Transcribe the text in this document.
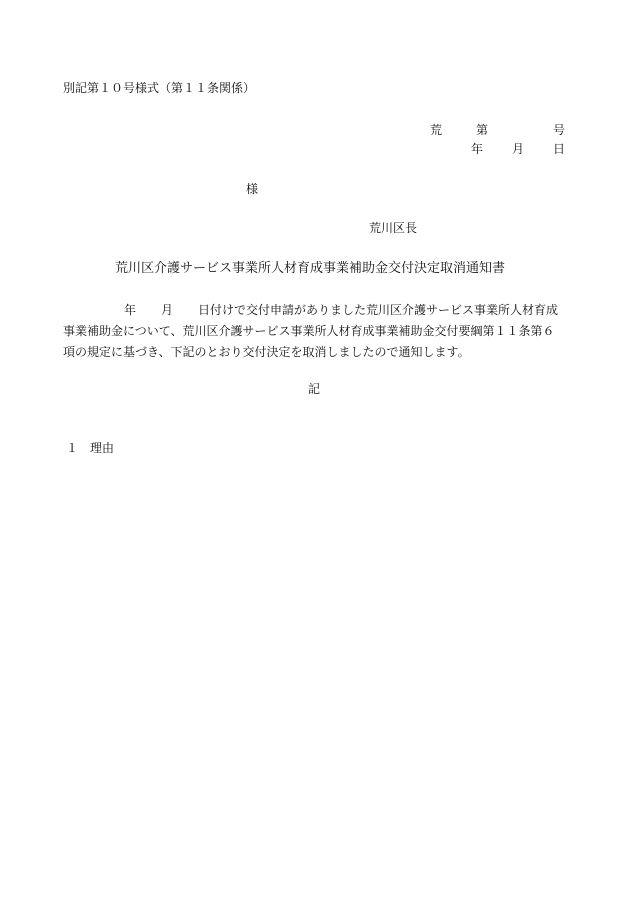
別記第１０号様式（第１１条関係）
荒	第	号
年 月 日
様
荒川区長
荒川区介護サービス事業所人材育成事業補助金交付決定取消通知書
年 月 日付けで交付申請がありました荒川区介護サービス事業所人材育成
事業補助金について、荒川区介護サービス事業所人材育成事業補助金交付要綱第１１条第６
項の規定に基づき、下記のとおり交付決定を取消しましたので通知します。
記
１ 理由
